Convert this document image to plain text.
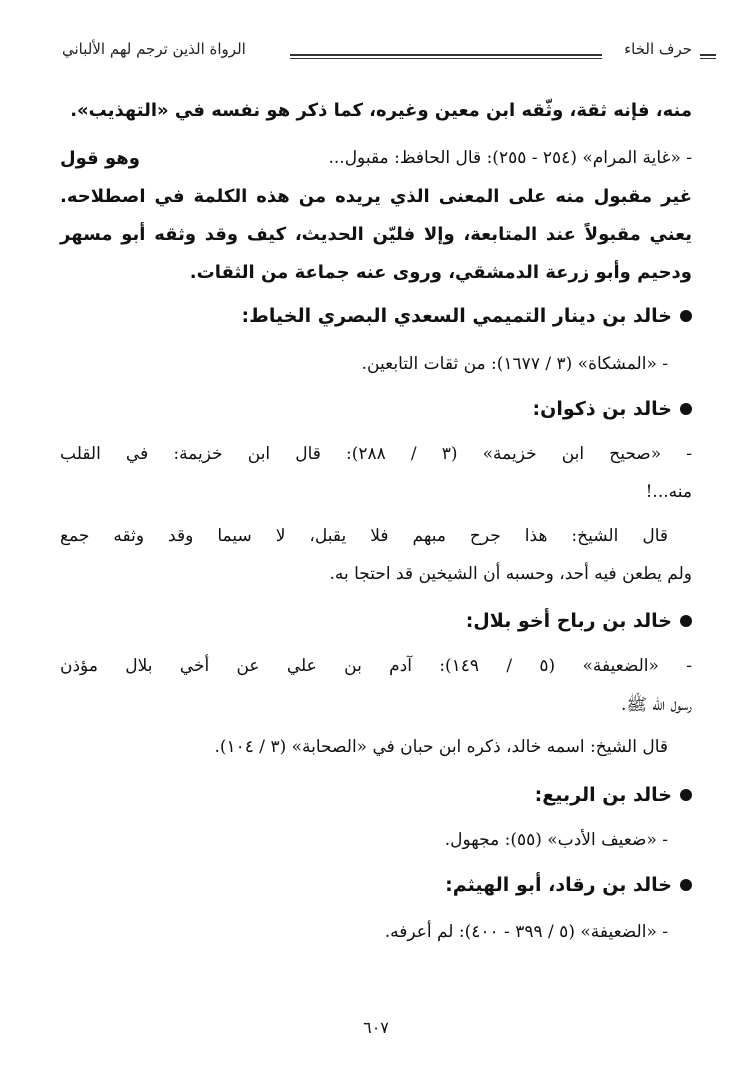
حرف الخاء
الرواة الذين ترجم لهم الألباني
منه، فإنه ثقة، وثّقه ابن معين وغيره، كما ذكر هو نفسه في «التهذيب».
- «غاية المرام» (٢٥٤ - ٢٥٥): قال الحافظ: مقبول...
وهو قول
غير مقبول منه على المعنى الذي يريده من هذه الكلمة في اصطلاحه.
يعني مقبولاً عند المتابعة، وإلا فليّن الحديث، كيف وقد وثقه أبو مسهر
ودحيم وأبو زرعة الدمشقي، وروى عنه جماعة من الثقات.
خالد بن دينار التميمي السعدي البصري الخياط:
- «المشكاة» (٣ / ١٦٧٧): من ثقات التابعين.
خالد بن ذكوان:
- «صحيح ابن خزيمة» (٣ / ٢٨٨): قال ابن خزيمة: في القلب
منه...!
قال الشيخ: هذا جرح مبهم فلا يقبل، لا سيما وقد وثقه جمع
ولم يطعن فيه أحد، وحسبه أن الشيخين قد احتجا به.
خالد بن رباح أخو بلال:
- «الضعيفة» (٥ / ١٤٩): آدم بن علي عن أخي بلال مؤذن
رسول الله ﷺ.
قال الشيخ: اسمه خالد، ذكره ابن حبان في «الصحابة» (٣ / ١٠٤).
خالد بن الربيع:
- «ضعيف الأدب» (٥٥): مجهول.
خالد بن رقاد، أبو الهيثم:
- «الضعيفة» (٥ / ٣٩٩ - ٤٠٠): لم أعرفه.
٦٠٧
